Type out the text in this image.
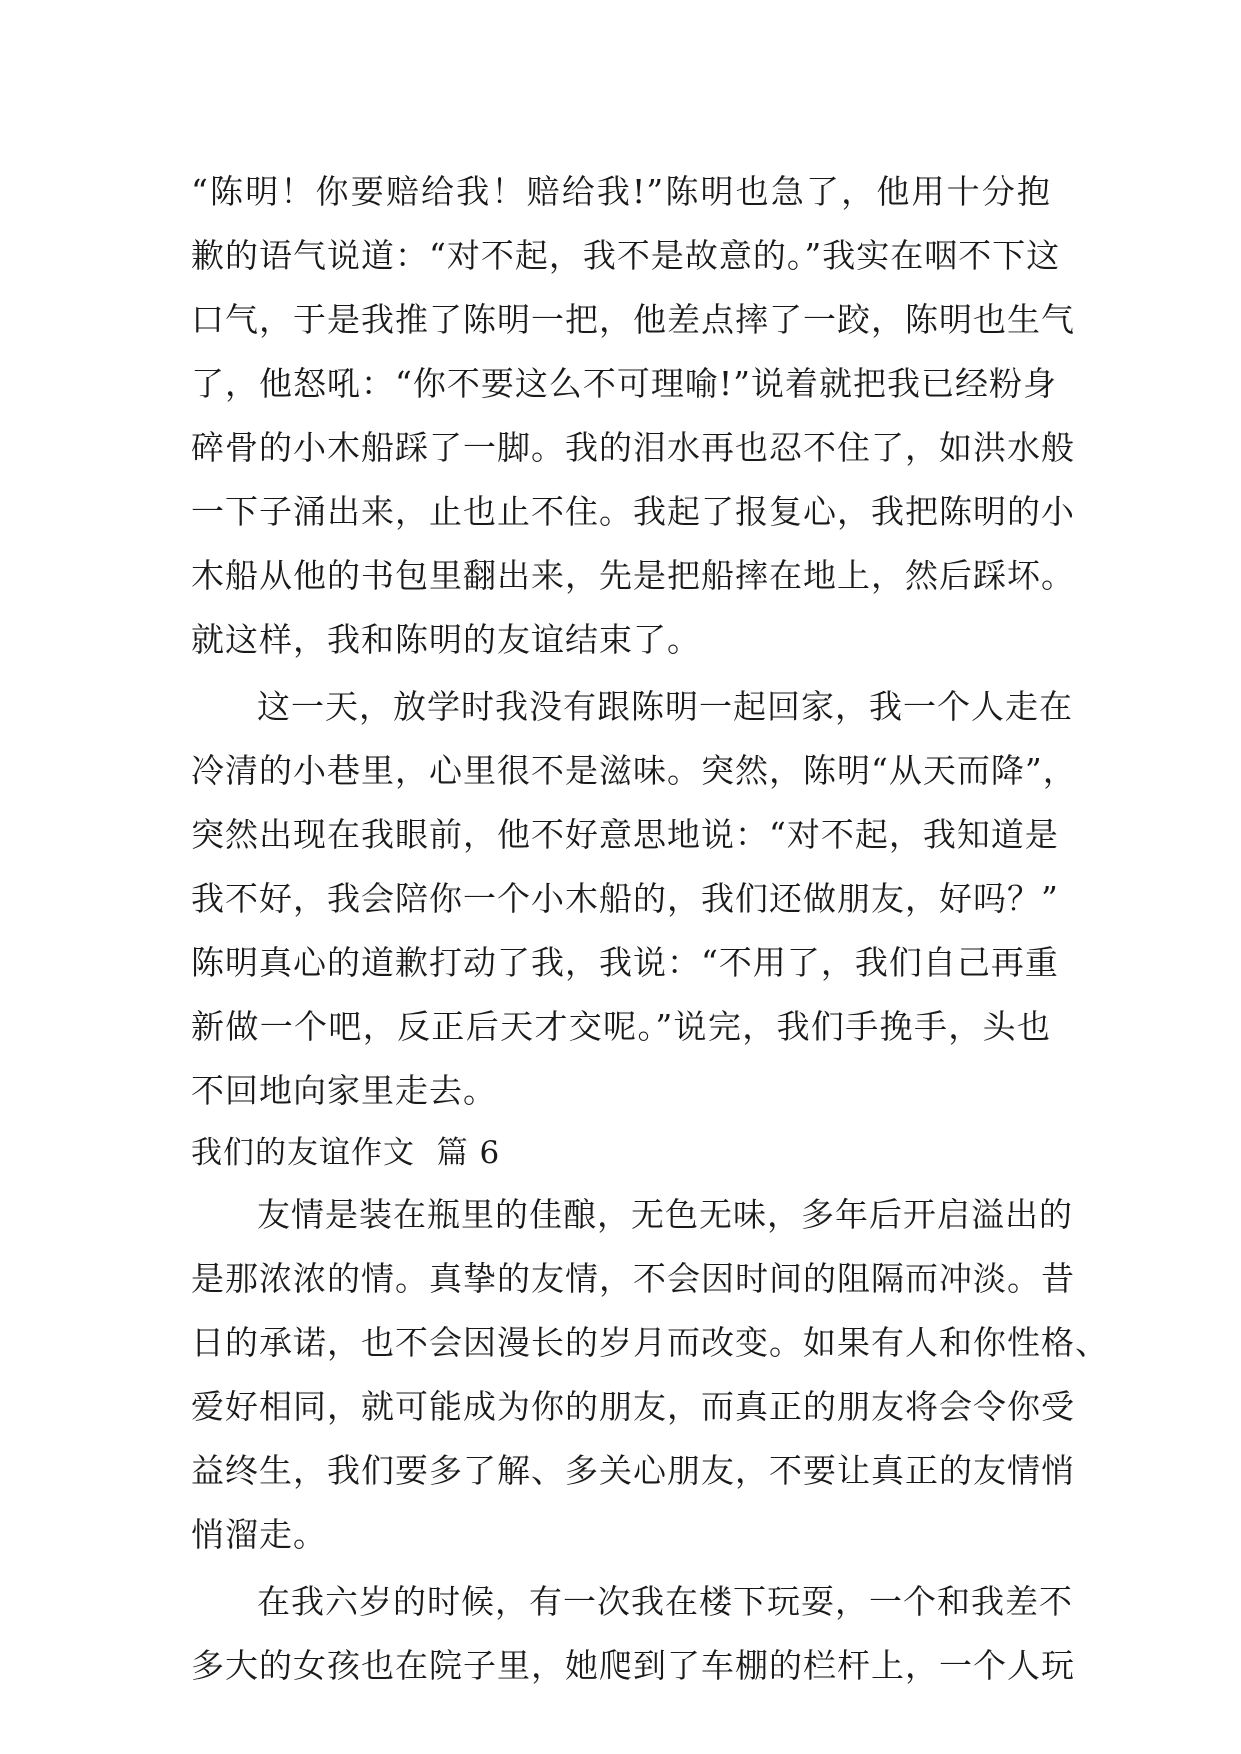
“陈明！你要赔给我！赔给我!”陈明也急了，他用十分抱
歉的语气说道：“对不起，我不是故意的。”我实在咽不下这
口气，于是我推了陈明一把，他差点摔了一跤，陈明也生气
了，他怒吼：“你不要这么不可理喻!”说着就把我已经粉身
碎骨的小木船踩了一脚。我的泪水再也忍不住了，如洪水般
一下子涌出来，止也止不住。我起了报复心，我把陈明的小
木船从他的书包里翻出来，先是把船摔在地上，然后踩坏。
就这样，我和陈明的友谊结束了。
这一天，放学时我没有跟陈明一起回家，我一个人走在
冷清的小巷里，心里很不是滋味。突然，陈明“从天而降”，
突然出现在我眼前，他不好意思地说：“对不起，我知道是
我不好，我会陪你一个小木船的，我们还做朋友，好吗？”
陈明真心的道歉打动了我，我说：“不用了，我们自己再重
新做一个吧，反正后天才交呢。”说完，我们手挽手，头也
不回地向家里走去。
我们的友谊作文  篇 6
友情是装在瓶里的佳酿，无色无味，多年后开启溢出的
是那浓浓的情。真挚的友情，不会因时间的阻隔而冲淡。昔
日的承诺，也不会因漫长的岁月而改变。如果有人和你性格、
爱好相同，就可能成为你的朋友，而真正的朋友将会令你受
益终生，我们要多了解、多关心朋友，不要让真正的友情悄
悄溜走。
在我六岁的时候，有一次我在楼下玩耍，一个和我差不
多大的女孩也在院子里，她爬到了车棚的栏杆上，一个人玩
